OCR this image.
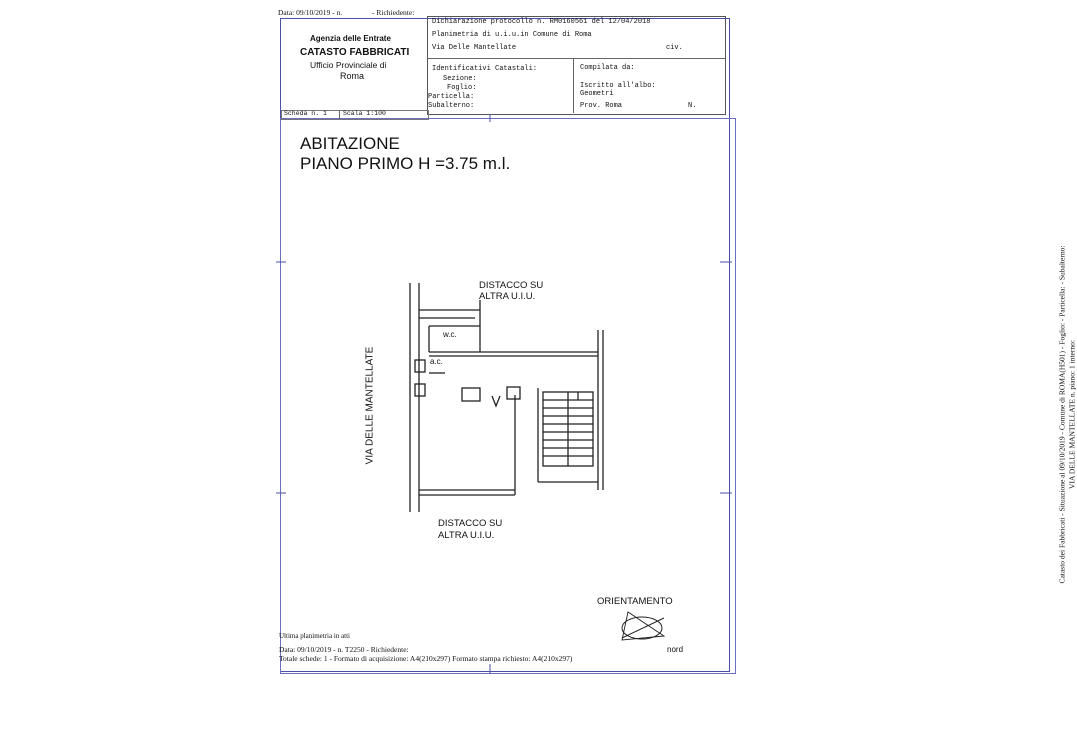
Data: 09/10/2019 - n.	- Richiedente:
Agenzia delle Entrate
CATASTO FABBRICATI
Ufficio Provinciale di
Roma
Dichiarazione protocollo n. RM0160561 del 12/04/2018
Planimetria di u.i.u.in Comune di Roma
Via Delle Mantellate	civ.
Identificativi Catastali:
Sezione:
Foglio:
Particella:
Subalterno:
Compilata da:
Iscritto all'albo:
Geometri
Prov. Roma	N.
Scheda n. 1 Scala 1:100
ABITAZIONE
PIANO PRIMO H =3.75 m.l.
DISTACCO SU
ALTRA U.I.U.
w.c.
a.c.
DISTACCO SU
ALTRA U.I.U.
VIA DELLE MANTELLATE
ORIENTAMENTO
nord
Ultima planimetria in atti
Data: 09/10/2019 - n. T2250 - Richiedente:
Totale schede: 1 - Formato di acquisizione: A4(210x297) Formato stampa richiesto: A4(210x297)
Catasto dei Fabbricati - Situazione al 09/10/2019 - Comune di ROMA(H501) - Foglio: - Particella: - Subalterno: VIA DELLE MANTELLATE n. piano: 1 interno:
